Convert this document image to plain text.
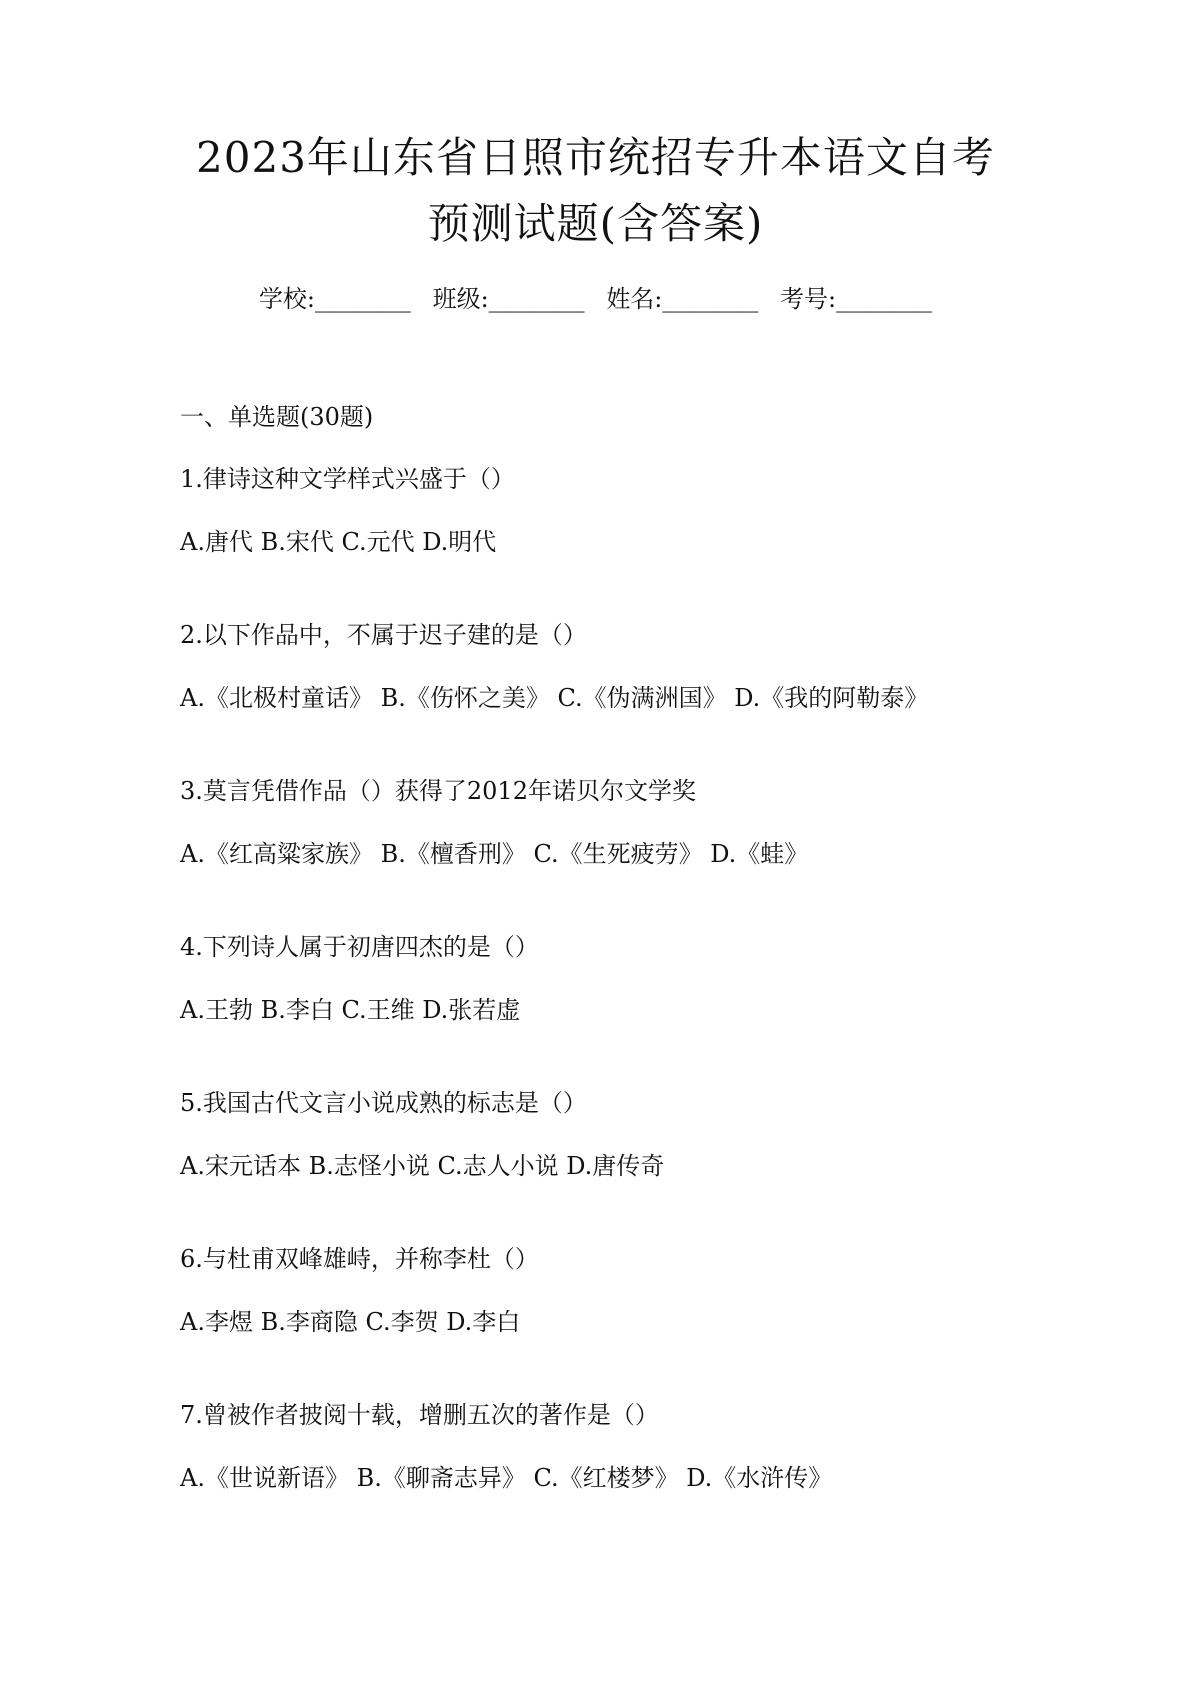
2023年山东省日照市统招专升本语文自考
预测试题(含答案)
学校:________ 班级:________ 姓名:________ 考号:________
一、单选题(30题)
1.律诗这种文学样式兴盛于（）
A.唐代 B.宋代 C.元代 D.明代
2.以下作品中，不属于迟子建的是（）
A.《北极村童话》 B.《伤怀之美》 C.《伪满洲国》 D.《我的阿勒泰》
3.莫言凭借作品（）获得了2012年诺贝尔文学奖
A.《红高粱家族》 B.《檀香刑》 C.《生死疲劳》 D.《蛙》
4.下列诗人属于初唐四杰的是（）
A.王勃 B.李白 C.王维 D.张若虚
5.我国古代文言小说成熟的标志是（）
A.宋元话本 B.志怪小说 C.志人小说 D.唐传奇
6.与杜甫双峰雄峙，并称李杜（）
A.李煜 B.李商隐 C.李贺 D.李白
7.曾被作者披阅十载，增删五次的著作是（）
A.《世说新语》 B.《聊斋志异》 C.《红楼梦》 D.《水浒传》
